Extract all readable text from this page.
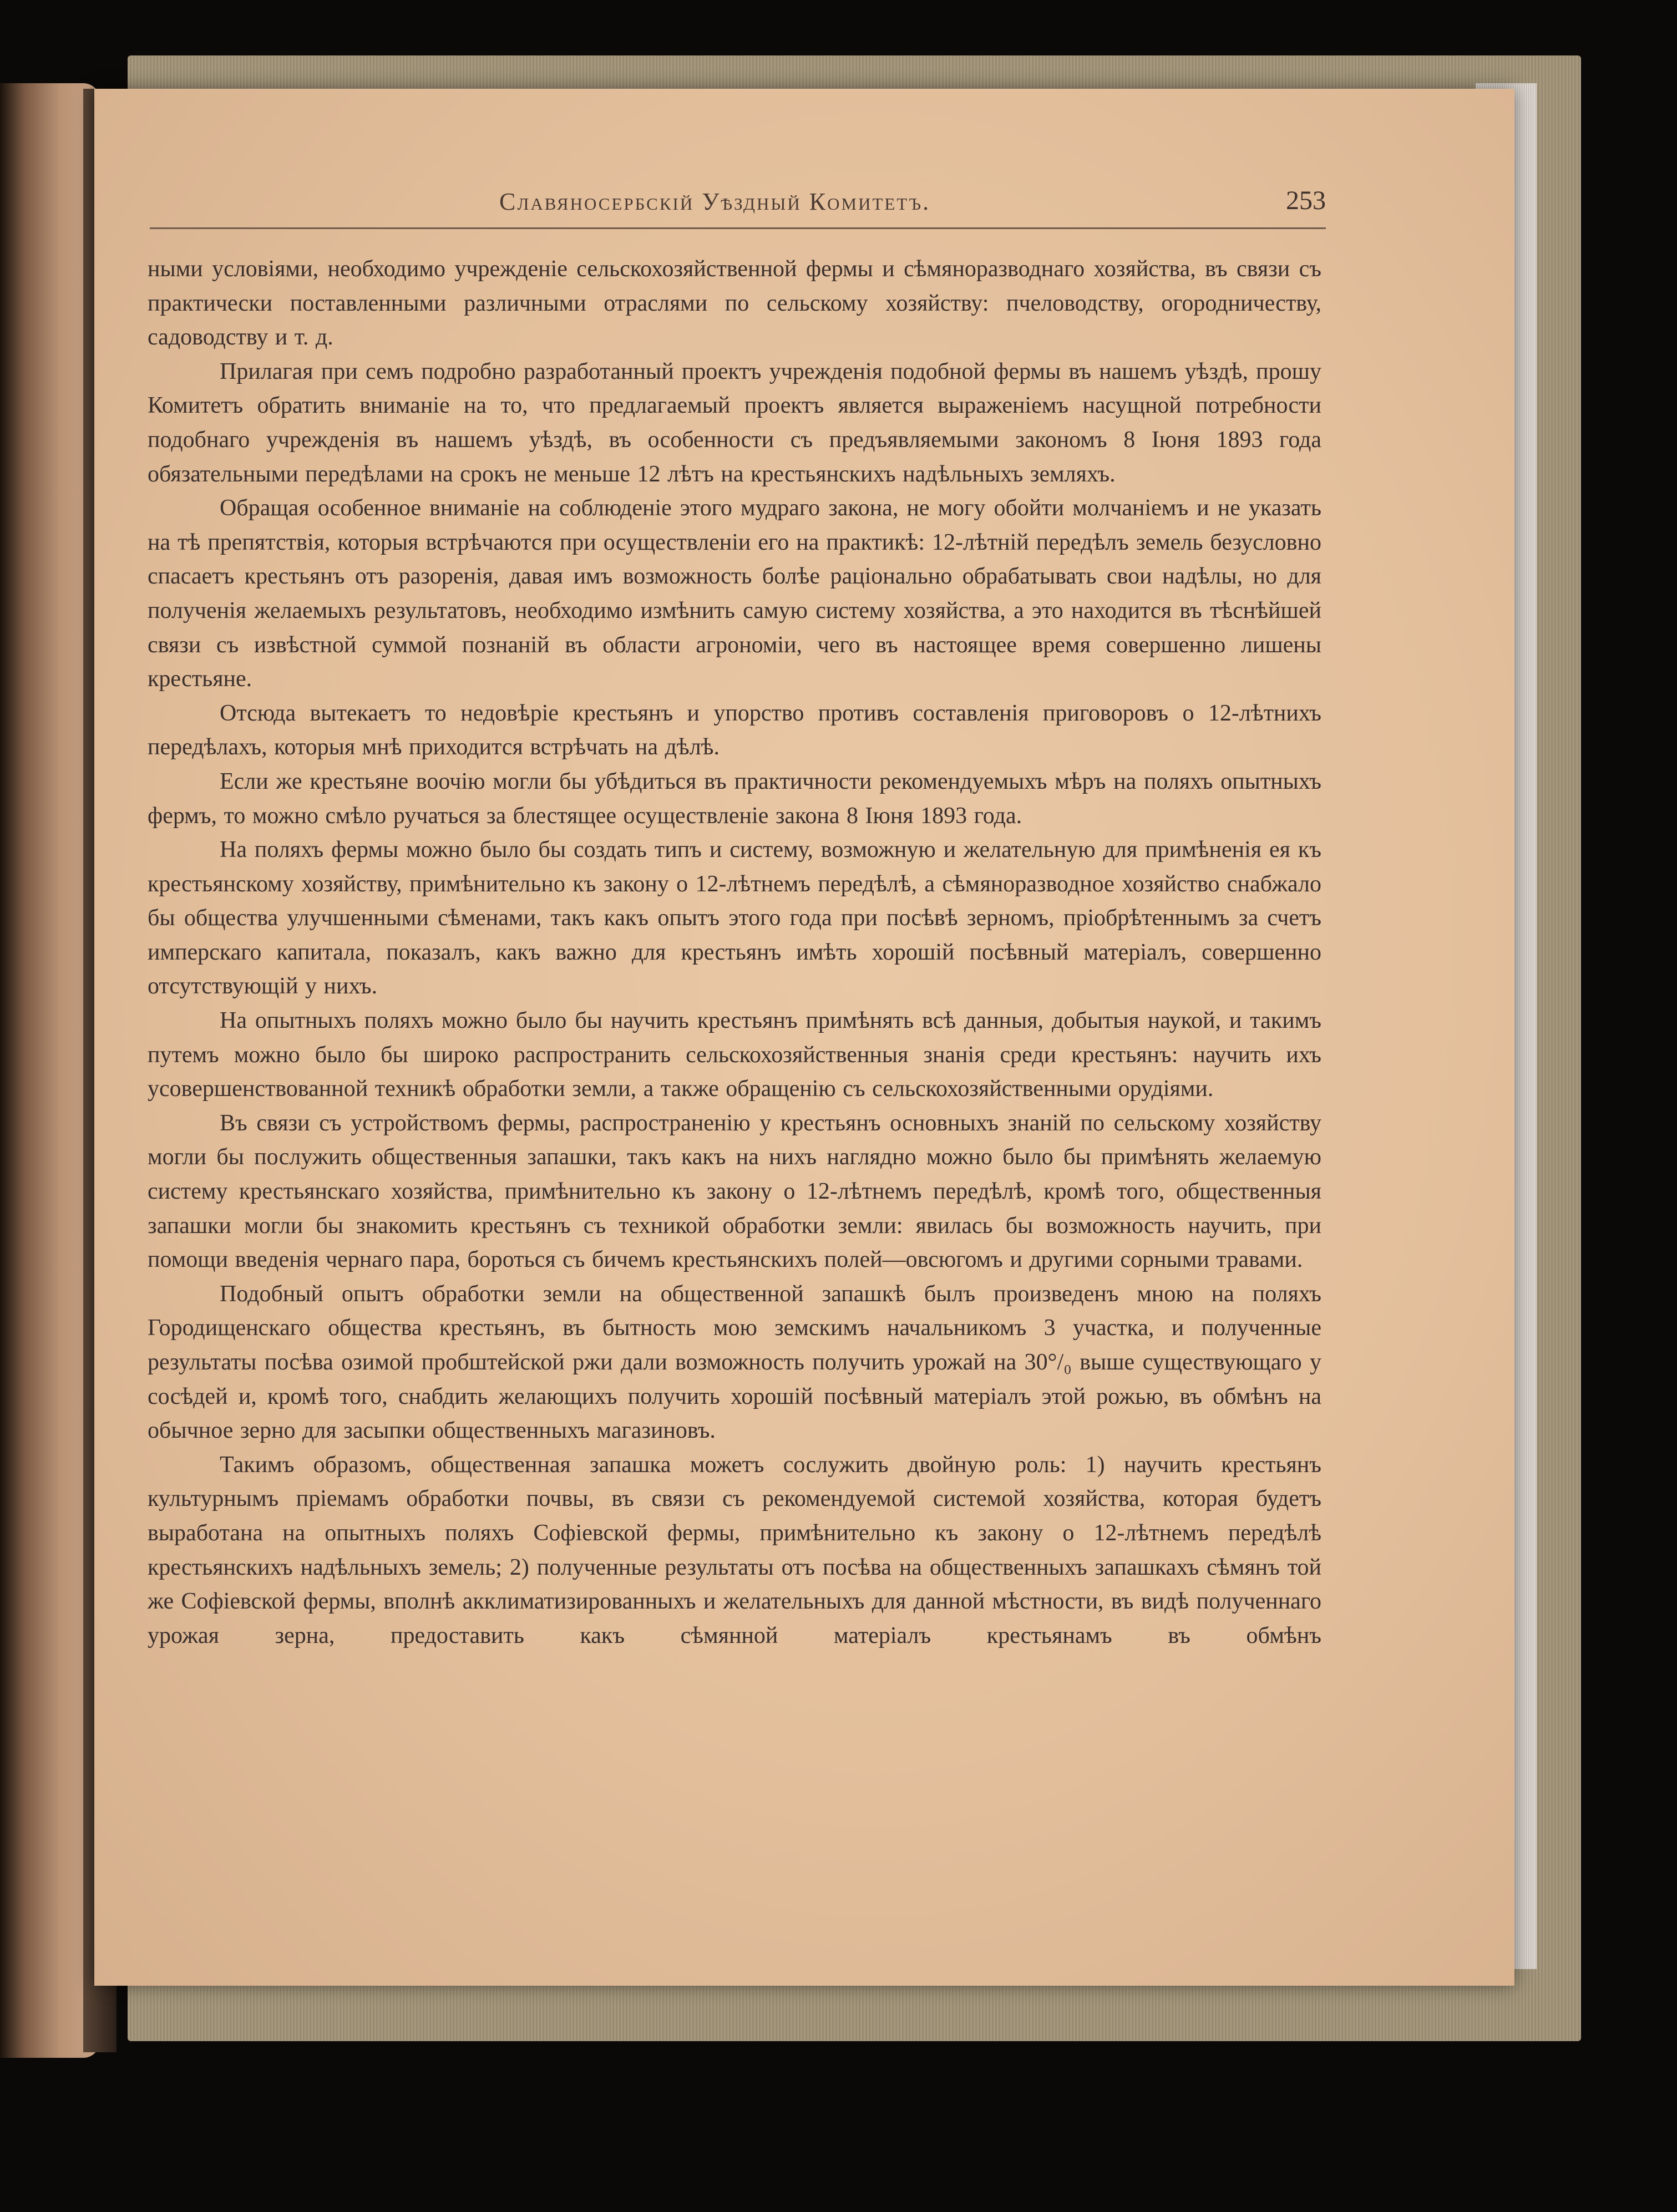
Славяносербскій Уѣздный Комитетъ.	253

ными условіями, необходимо учрежденіе сельскохозяйственной фермы и сѣмяноразводнаго хозяйства, въ связи съ практически поставленными различными отраслями по сельскому хозяйству: пчеловодству, огородничеству, садоводству и т. д.

Прилагая при семъ подробно разработанный проектъ учрежденія подобной фермы въ нашемъ уѣздѣ, прошу Комитетъ обратить вниманіе на то, что предлагаемый проектъ является выраженіемъ насущной потребности подобнаго учрежденія въ нашемъ уѣздѣ, въ особенности съ предъявляемыми закономъ 8 Іюня 1893 года обязательными передѣлами на срокъ не меньше 12 лѣтъ на крестьянскихъ надѣльныхъ земляхъ.

Обращая особенное вниманіе на соблюденіе этого мудраго закона, не могу обойти молчаніемъ и не указать на тѣ препятствія, которыя встрѣчаются при осуществленіи его на практикѣ: 12-лѣтній передѣлъ земель безусловно спасаетъ крестьянъ отъ разоренія, давая имъ возможность болѣе раціонально обрабатывать свои надѣлы, но для полученія желаемыхъ результатовъ, необходимо измѣнить самую систему хозяйства, а это находится въ тѣснѣйшей связи съ извѣстной суммой познаній въ области агрономіи, чего въ настоящее время совершенно лишены крестьяне.

Отсюда вытекаетъ то недовѣріе крестьянъ и упорство противъ составленія приговоровъ о 12-лѣтнихъ передѣлахъ, которыя мнѣ приходится встрѣчать на дѣлѣ.

Если же крестьяне воочію могли бы убѣдиться въ практичности рекомендуемыхъ мѣръ на поляхъ опытныхъ фермъ, то можно смѣло ручаться за блестящее осуществленіе закона 8 Іюня 1893 года.

На поляхъ фермы можно было бы создать типъ и систему, возможную и желательную для примѣненія ея къ крестьянскому хозяйству, примѣнительно къ закону о 12-лѣтнемъ передѣлѣ, а сѣмяноразводное хозяйство снабжало бы общества улучшенными сѣменами, такъ какъ опытъ этого года при посѣвѣ зерномъ, пріобрѣтеннымъ за счетъ имперскаго капитала, показалъ, какъ важно для крестьянъ имѣть хорошій посѣвный матеріалъ, совершенно отсутствующій у нихъ.

На опытныхъ поляхъ можно было бы научить крестьянъ примѣнять всѣ данныя, добытыя наукой, и такимъ путемъ можно было бы широко распространить сельскохозяйственныя знанія среди крестьянъ: научить ихъ усовершенствованной техникѣ обработки земли, а также обращенію съ сельскохозяйственными орудіями.

Въ связи съ устройствомъ фермы, распространенію у крестьянъ основныхъ знаній по сельскому хозяйству могли бы послужить общественныя запашки, такъ какъ на нихъ наглядно можно было бы примѣнять желаемую систему крестьянскаго хозяйства, примѣнительно къ закону о 12-лѣтнемъ передѣлѣ, кромѣ того, общественныя запашки могли бы знакомить крестьянъ съ техникой обработки земли: явилась бы возможность научить, при помощи введенія чернаго пара, бороться съ бичемъ крестьянскихъ полей—овсюгомъ и другими сорными травами.

Подобный опытъ обработки земли на общественной запашкѣ былъ произведенъ мною на поляхъ Городищенскаго общества крестьянъ, въ бытность мою земскимъ начальникомъ 3 участка, и полученные результаты посѣва озимой пробштейской ржи дали возможность получить урожай на 30°/₀ выше существующаго у сосѣдей и, кромѣ того, снабдить желающихъ получить хорошій посѣвный матеріалъ этой рожью, въ обмѣнъ на обычное зерно для засыпки общественныхъ магазиновъ.

Такимъ образомъ, общественная запашка можетъ сослужить двойную роль: 1) научить крестьянъ культурнымъ пріемамъ обработки почвы, въ связи съ рекомендуемой системой хозяйства, которая будетъ выработана на опытныхъ поляхъ Софіевской фермы, примѣнительно къ закону о 12-лѣтнемъ передѣлѣ крестьянскихъ надѣльныхъ земель; 2) полученные результаты отъ посѣва на общественныхъ запашкахъ сѣмянъ той же Софіевской фермы, вполнѣ акклиматизированныхъ и желательныхъ для данной мѣстности, въ видѣ полученнаго урожая зерна, предоставить какъ сѣмянной матеріалъ крестьянамъ въ обмѣнъ
